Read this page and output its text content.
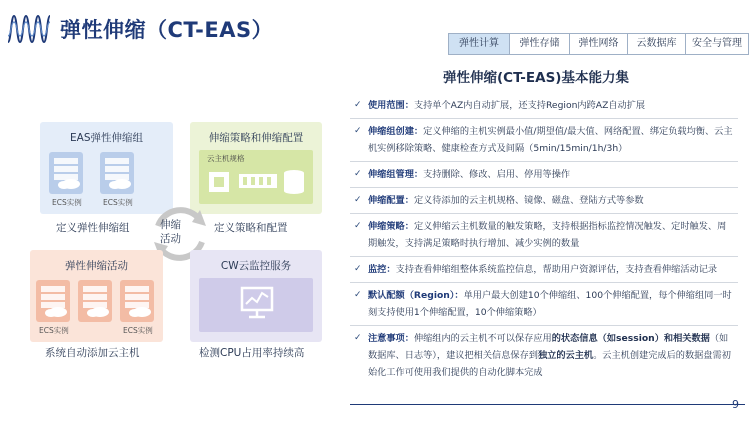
弹性伸缩（CT-EAS）
弹性计算	弹性存储	弹性网络	云数据库	安全与管理
EAS弹性伸缩组
ECS实例	ECS实例
定义弹性伸缩组
伸缩策略和伸缩配置
云主机规格
定义策略和配置
伸缩
活动
弹性伸缩活动
ECS实例	ECS实例
系统自动添加云主机
CW云监控服务
检测CPU占用率持续高
弹性伸缩(CT-EAS)基本能力集
✓ 使用范围：支持单个AZ内自动扩展，还支持Region内跨AZ自动扩展
✓ 伸缩组创建：定义伸缩的主机实例最小值/期望值/最大值、网络配置、绑定负载均衡、云主机实例移除策略、健康检查方式及间隔（5min/15min/1h/3h）
✓ 伸缩组管理：支持删除、修改、启用、停用等操作
✓ 伸缩配置：定义待添加的云主机规格、镜像、磁盘、登陆方式等参数
✓ 伸缩策略：定义伸缩云主机数量的触发策略，支持根据指标监控情况触发、定时触发、周期触发，支持满足策略时执行增加、减少实例的数量
✓ 监控：支持查看伸缩组整体系统监控信息，帮助用户资源评估，支持查看伸缩活动记录
✓ 默认配额（Region）：单用户最大创建10个伸缩组、100个伸缩配置，每个伸缩组同一时刻支持使用1个伸缩配置，10个伸缩策略）
✓ 注意事项：伸缩组内的云主机不可以保存应用的状态信息（如session）和相关数据（如数据库、日志等），建议把相关信息保存到独立的云主机。云主机创建完成后的数据盘需初始化工作可使用我们提供的自动化脚本完成
9
